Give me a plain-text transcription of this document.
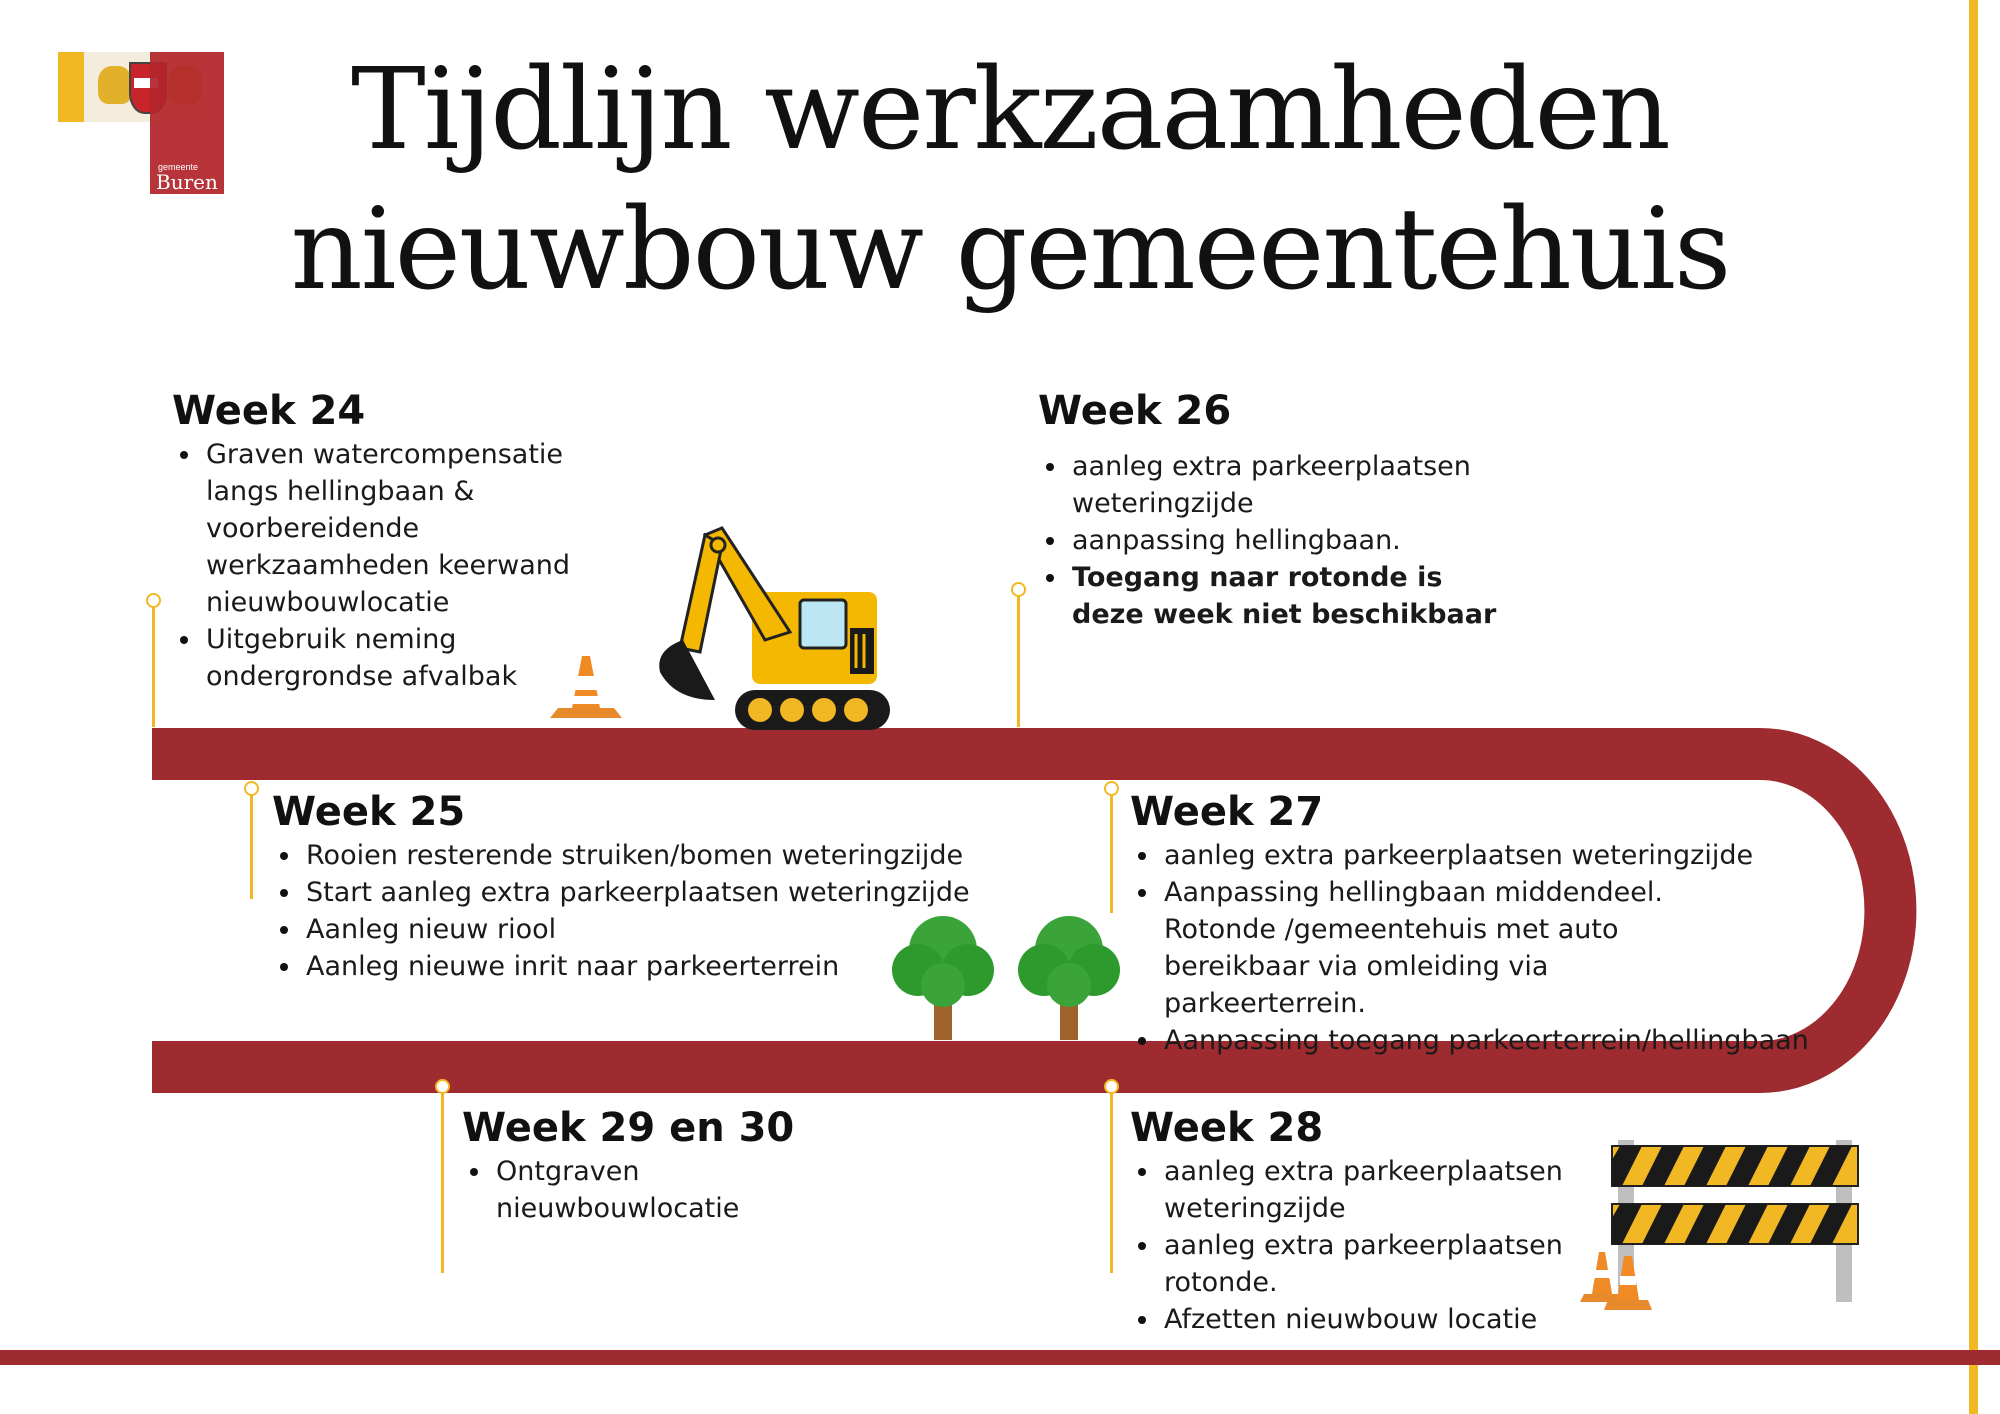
gemeente
Buren
Tijdlijn werkzaamheden
nieuwbouw gemeentehuis
Week 24
Graven watercompensatie langs hellingbaan & voorbereidende werkzaamheden keerwand nieuwbouwlocatie
Uitgebruik neming ondergrondse afvalbak
Week 26
aanleg extra parkeerplaatsen weteringzijde
aanpassing hellingbaan.
Toegang naar rotonde is deze week niet beschikbaar
Week 25
Rooien resterende struiken/bomen weteringzijde
Start aanleg extra parkeerplaatsen weteringzijde
Aanleg nieuw riool
Aanleg nieuwe inrit naar parkeerterrein
Week 27
aanleg extra parkeerplaatsen weteringzijde
Aanpassing hellingbaan middendeel. Rotonde /gemeentehuis met auto bereikbaar via omleiding via parkeerterrein.
Aanpassing toegang parkeerterrein/hellingbaan
Week 29 en 30
Ontgraven nieuwbouwlocatie
Week 28
aanleg extra parkeerplaatsen weteringzijde
aanleg extra parkeerplaatsen rotonde.
Afzetten nieuwbouw locatie
